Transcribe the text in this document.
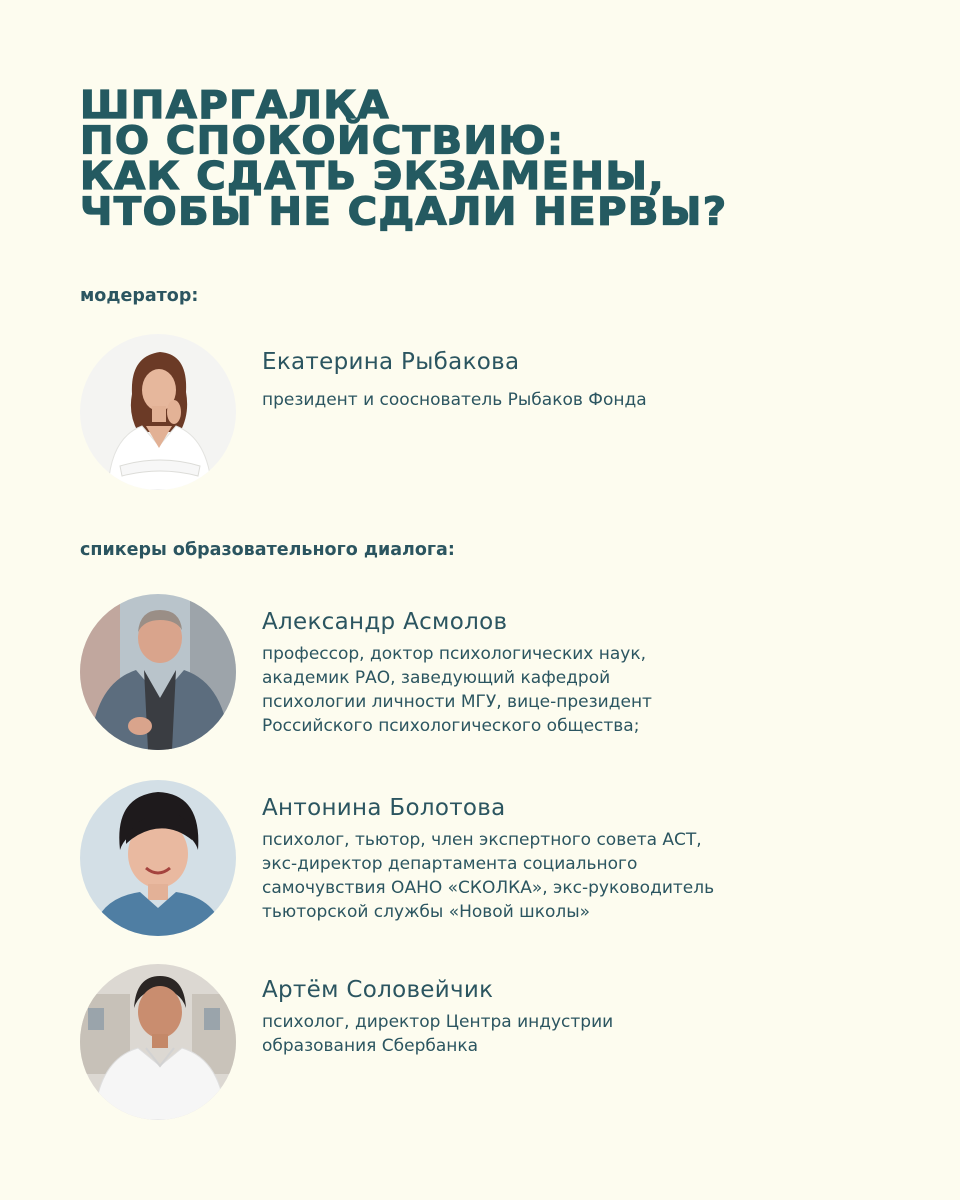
ШПАРГАЛКА
ПО СПОКОЙСТВИЮ:
КАК СДАТЬ ЭКЗАМЕНЫ,
ЧТОБЫ НЕ СДАЛИ НЕРВЫ?

модератор:

Екатерина Рыбакова

президент и сооснователь Рыбаков Фонда

спикеры образовательного диалога:

Александр Асмолов

профессор, доктор психологических наук,
академик РАО, заведующий кафедрой
психологии личности МГУ, вице-президент
Российского психологического общества;

Антонина Болотова

психолог, тьютор, член экспертного совета АСТ,
экс-директор департамента социального
самочувствия ОАНО «СКОЛКА», экс-руководитель
тьюторской службы «Новой школы»

Артём Соловейчик

психолог, директор Центра индустрии
образования Сбербанка
